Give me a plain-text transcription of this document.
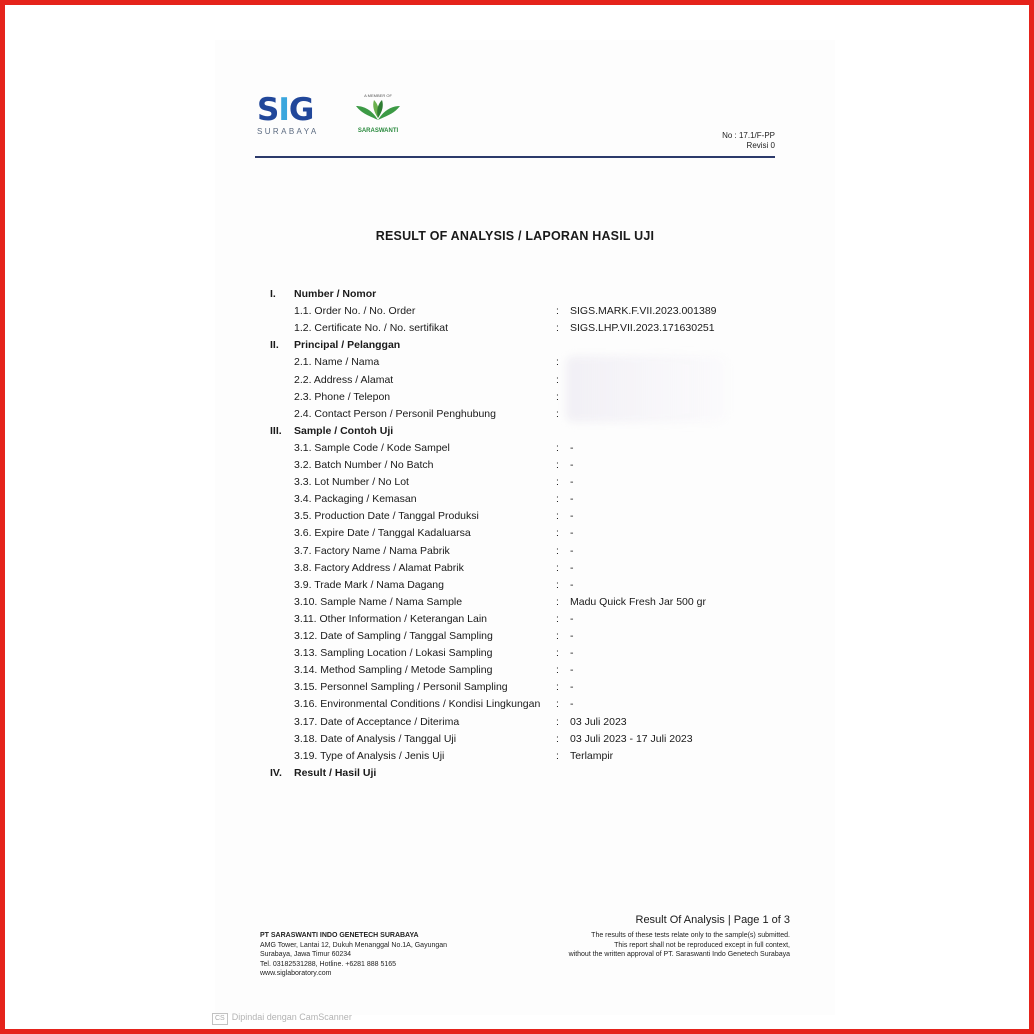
SIG
SURABAYA
A MEMBER OF
SARASWANTI	No : 17.1/F-PP
Revisi 0
RESULT OF ANALYSIS / LAPORAN HASIL UJI
I. Number / Nomor
1.1. Order No. / No. Order	: SIGS.MARK.F.VII.2023.001389
1.2. Certificate No. / No. sertifikat	: SIGS.LHP.VII.2023.171630251
II. Principal / Pelanggan
2.1. Name / Nama	:
2.2. Address / Alamat	:
2.3. Phone / Telepon	:
2.4. Contact Person / Personil Penghubung	:
III. Sample / Contoh Uji
3.1. Sample Code / Kode Sampel	: -
3.2. Batch Number / No Batch	: -
3.3. Lot Number / No Lot	: -
3.4. Packaging / Kemasan	: -
3.5. Production Date / Tanggal Produksi	: -
3.6. Expire Date / Tanggal Kadaluarsa	: -
3.7. Factory Name / Nama Pabrik	: -
3.8. Factory Address / Alamat Pabrik	: -
3.9. Trade Mark / Nama Dagang	: -
3.10. Sample Name / Nama Sample	: Madu Quick Fresh Jar 500 gr
3.11. Other Information / Keterangan Lain	: -
3.12. Date of Sampling / Tanggal Sampling	: -
3.13. Sampling Location / Lokasi Sampling	: -
3.14. Method Sampling / Metode Sampling	: -
3.15. Personnel Sampling / Personil Sampling	: -
3.16. Environmental Conditions / Kondisi Lingkungan : -
3.17. Date of Acceptance / Diterima	: 03 Juli 2023
3.18. Date of Analysis / Tanggal Uji	: 03 Juli 2023 - 17 Juli 2023
3.19. Type of Analysis / Jenis Uji	: Terlampir
IV. Result / Hasil Uji
PT SARASWANTI INDO GENETECH SURABAYA
AMG Tower, Lantai 12, Dukuh Menanggal No.1A, Gayungan
Surabaya, Jawa Timur 60234
Tel. 03182531288, Hotline. +6281 888 5165
www.siglaboratory.com
Result Of Analysis | Page 1 of 3
The results of these tests relate only to the sample(s) submitted.
This report shall not be reproduced except in full context,
without the written approval of PT. Saraswanti Indo Genetech Surabaya
CS Dipindai dengan CamScanner
